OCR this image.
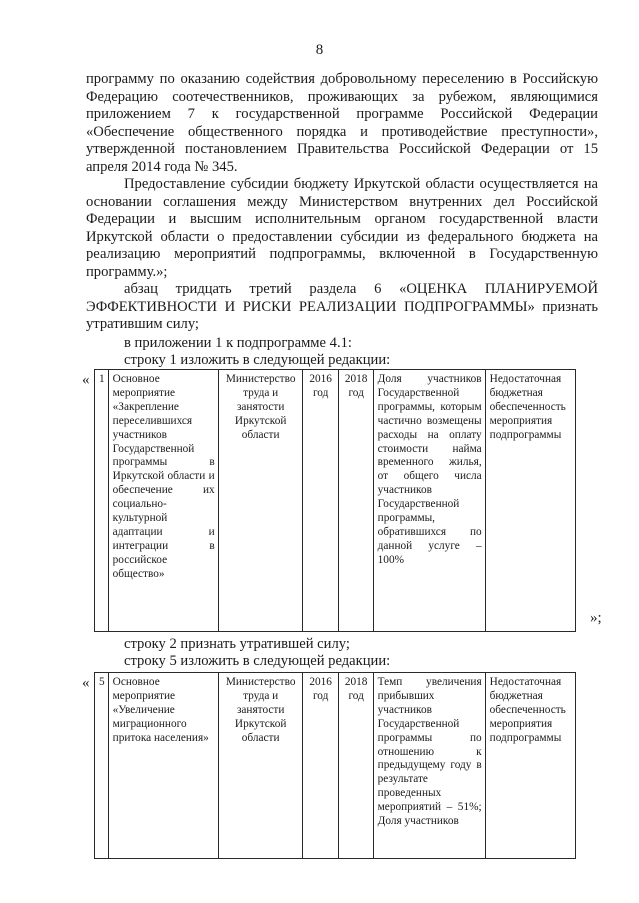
8

программу по оказанию содействия добровольному переселению в Российскую Федерацию соотечественников, проживающих за рубежом, являющимися приложением 7 к государственной программе Российской Федерации «Обеспечение общественного порядка и противодействие преступности», утвержденной постановлением Правительства Российской Федерации от 15 апреля 2014 года № 345.

Предоставление субсидии бюджету Иркутской области осуществляется на основании соглашения между Министерством внутренних дел Российской Федерации и высшим исполнительным органом государственной власти Иркутской области о предоставлении субсидии из федерального бюджета на реализацию мероприятий подпрограммы, включенной в Государственную программу.»;

абзац тридцать третий раздела 6 «ОЦЕНКА ПЛАНИРУЕМОЙ ЭФФЕКТИВНОСТИ И РИСКИ РЕАЛИЗАЦИИ ПОДПРОГРАММЫ» признать утратившим силу;

в приложении 1 к подпрограмме 4.1:
строку 1 изложить в следующей редакции:
« 1	Основное мероприятие «Закрепление переселившихся участников Государственной программы в Иркутской области и обеспечение их социально-культурной адаптации и интеграции в российское общество»	Министерство труда и занятости Иркутской области	2016 год	2018 год	Доля участников Государственной программы, которым частично возмещены расходы на оплату стоимости найма временного жилья, от общего числа участников Государственной программы, обратившихся по данной услуге – 100%	Недостаточная бюджетная обеспеченность мероприятия подпрограммы
»;
строку 2 признать утратившей силу;
строку 5 изложить в следующей редакции:
« 5	Основное мероприятие «Увеличение миграционного притока населения»	Министерство труда и занятости Иркутской области	2016 год	2018 год	Темп увеличения прибывших участников Государственной программы по отношению к предыдущему году в результате проведенных мероприятий – 51%; Доля участников	Недостаточная бюджетная обеспеченность мероприятия подпрограммы
